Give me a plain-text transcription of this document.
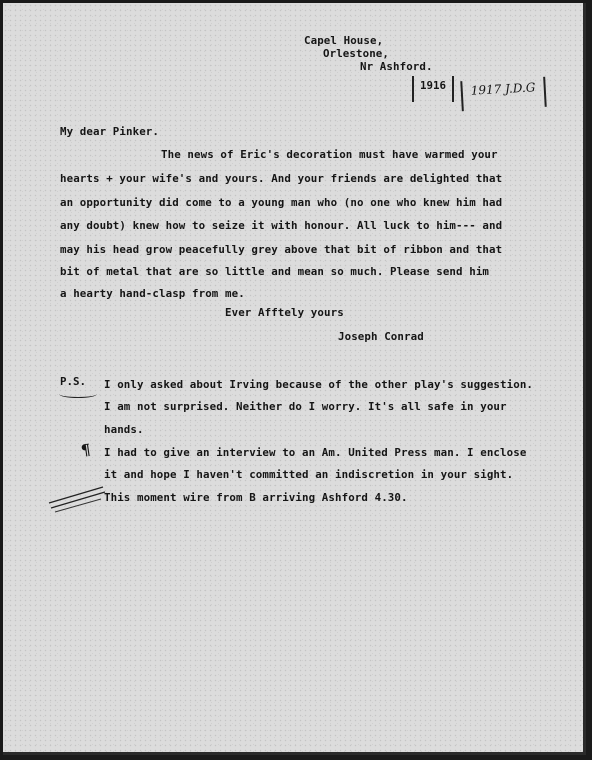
Capel House,
Orlestone,
Nr Ashford.
1916	1917 J.D.G
My dear Pinker.
The news of Eric's decoration must have warmed your
hearts + your wife's and yours. And your friends are delighted that
an opportunity did come to a young man who (no one who knew him had
any doubt) knew how to seize it with honour. All luck to him--- and
may his head grow peacefully grey above that bit of ribbon and that
bit of metal that are so little and mean so much. Please send him
a hearty hand-clasp from me.
Ever Afftely yours
Joseph Conrad
P.S. I only asked about Irving because of the other play's suggestion.
I am not surprised. Neither do I worry. It's all safe in your
hands.
¶ I had to give an interview to an Am. United Press man. I enclose
it and hope I haven't committed an indiscretion in your sight.
This moment wire from B arriving Ashford 4.30.
